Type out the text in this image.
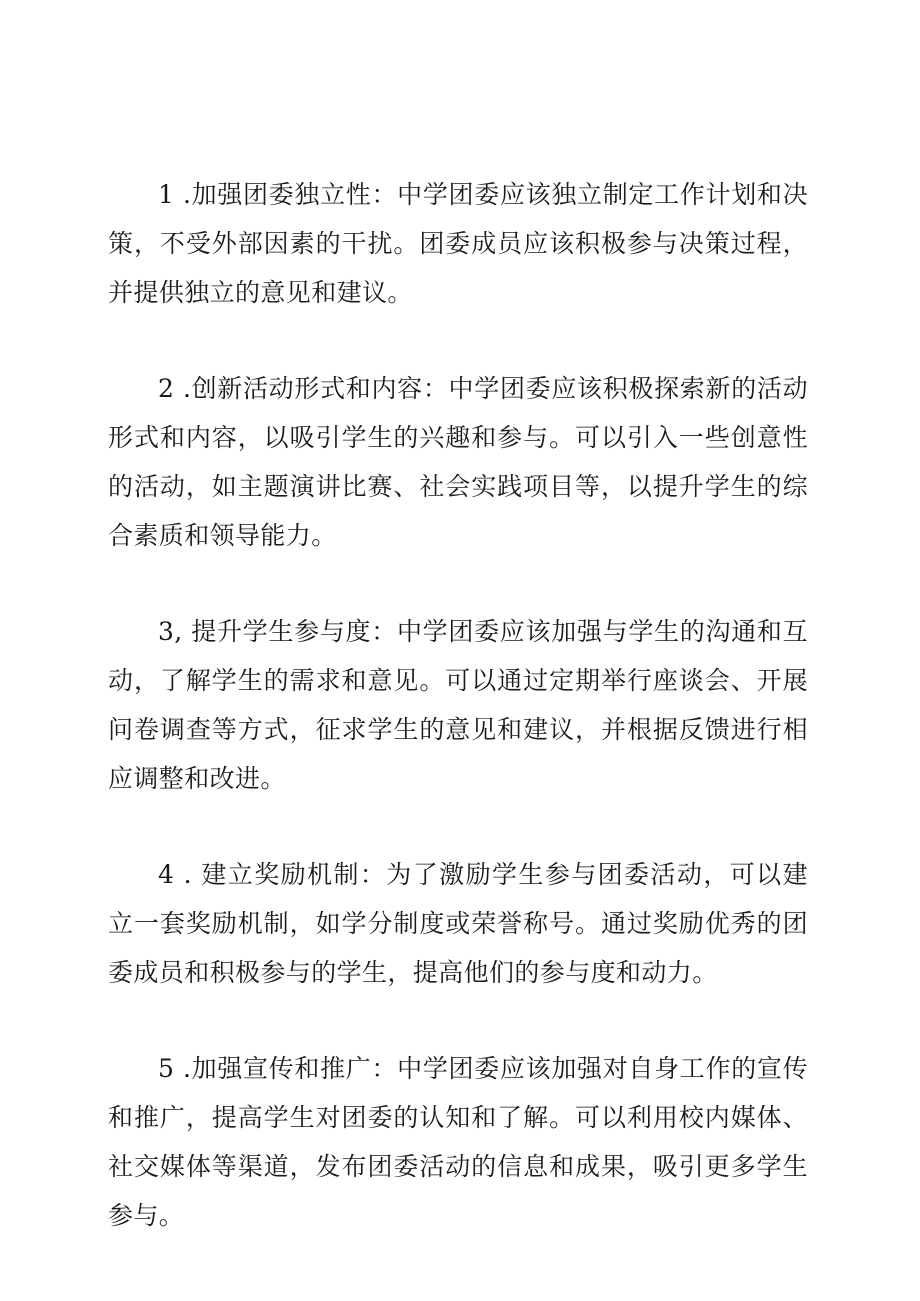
1 .加强团委独立性：中学团委应该独立制定工作计划和决策，不受外部因素的干扰。团委成员应该积极参与决策过程，并提供独立的意见和建议。

2 .创新活动形式和内容：中学团委应该积极探索新的活动形式和内容，以吸引学生的兴趣和参与。可以引入一些创意性的活动，如主题演讲比赛、社会实践项目等，以提升学生的综合素质和领导能力。

3, 提升学生参与度：中学团委应该加强与学生的沟通和互动，了解学生的需求和意见。可以通过定期举行座谈会、开展问卷调查等方式，征求学生的意见和建议，并根据反馈进行相应调整和改进。

4 . 建立奖励机制：为了激励学生参与团委活动，可以建立一套奖励机制，如学分制度或荣誉称号。通过奖励优秀的团委成员和积极参与的学生，提高他们的参与度和动力。

5 .加强宣传和推广：中学团委应该加强对自身工作的宣传和推广，提高学生对团委的认知和了解。可以利用校内媒体、社交媒体等渠道，发布团委活动的信息和成果，吸引更多学生参与。
